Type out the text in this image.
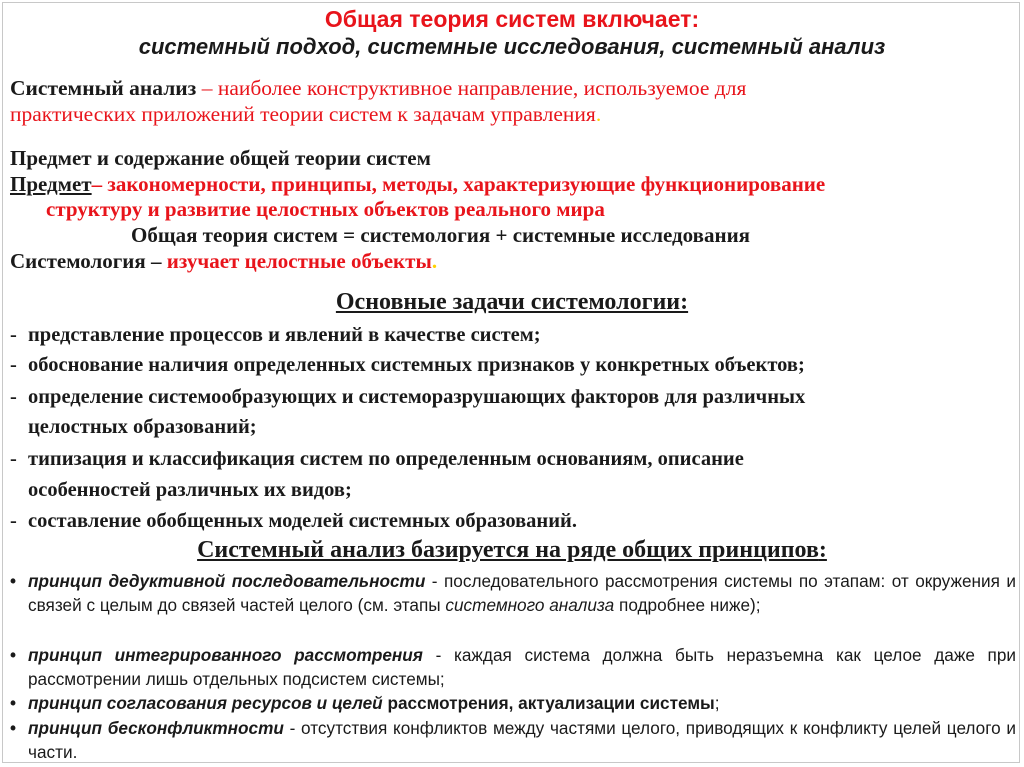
Общая теория систем включает:
системный подход, системные исследования, системный анализ
Системный анализ – наиболее конструктивное направление, используемое для
практических приложений теории систем к задачам управления.
Предмет и содержание общей теории систем
Предмет– закономерности, принципы, методы, характеризующие функционирование
структуру и развитие целостных объектов реального мира
Общая теория систем = системология + системные исследования
Системология – изучает целостные объекты.
Основные задачи системологии:
- представление процессов и явлений в качестве систем;
- обоснование наличия определенных системных признаков у конкретных объектов;
- определение системообразующих и системоразрушающих факторов для различных
целостных образований;
- типизация и классификация систем по определенным основаниям, описание
особенностей различных их видов;
- составление обобщенных моделей системных образований.
Системный анализ базируется на ряде общих принципов:
• принцип дедуктивной последовательности - последовательного рассмотрения системы по этапам: от окружения и связей с целым до связей частей целого (см. этапы системного анализа подробнее ниже);
• принцип интегрированного рассмотрения - каждая система должна быть неразъемна как целое даже при рассмотрении лишь отдельных подсистем системы;
• принцип согласования ресурсов и целей рассмотрения, актуализации системы;
• принцип бесконфликтности - отсутствия конфликтов между частями целого, приводящих к конфликту целей целого и части.
